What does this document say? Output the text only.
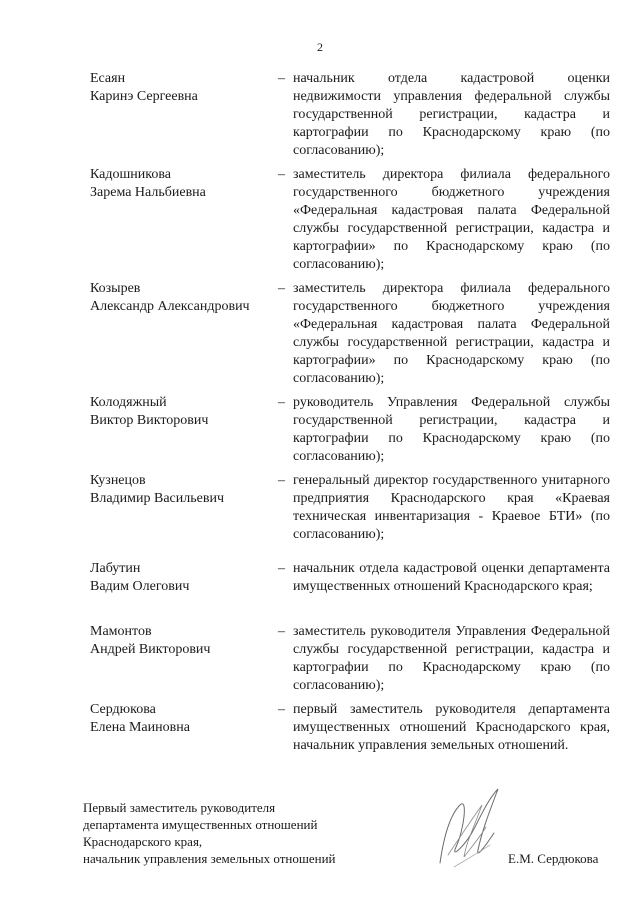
2
Есаян
Каринэ Сергеевна
– начальник отдела кадастровой оценки недвижимости управления федеральной службы государственной регистрации, кадастра и картографии по Краснодарскому краю (по согласованию);
Кадошникова
Зарема Нальбиевна
– заместитель директора филиала федерального государственного бюджетного учреждения «Федеральная кадастровая палата Федеральной службы государственной регистрации, кадастра и картографии» по Краснодарскому краю (по согласованию);
Козырев
Александр Александрович
– заместитель директора филиала федерального государственного бюджетного учреждения «Федеральная кадастровая палата Федеральной службы государственной регистрации, кадастра и картографии» по Краснодарскому краю (по согласованию);
Колодяжный
Виктор Викторович
– руководитель Управления Федеральной службы государственной регистрации, кадастра и картографии по Краснодарскому краю (по согласованию);
Кузнецов
Владимир Васильевич
– генеральный директор государственного унитарного предприятия Краснодарского края «Краевая техническая инвентаризация - Краевое БТИ» (по согласованию);
Лабутин
Вадим Олегович
– начальник отдела кадастровой оценки департамента имущественных отношений Краснодарского края;
Мамонтов
Андрей Викторович
– заместитель руководителя Управления Федеральной службы государственной регистрации, кадастра и картографии по Краснодарскому краю (по согласованию);
Сердюкова
Елена Маиновна
– первый заместитель руководителя департамента имущественных отношений Краснодарского края, начальник управления земельных отношений.
Первый заместитель руководителя
департамента имущественных отношений
Краснодарского края,
начальник управления земельных отношений	Е.М. Сердюкова
